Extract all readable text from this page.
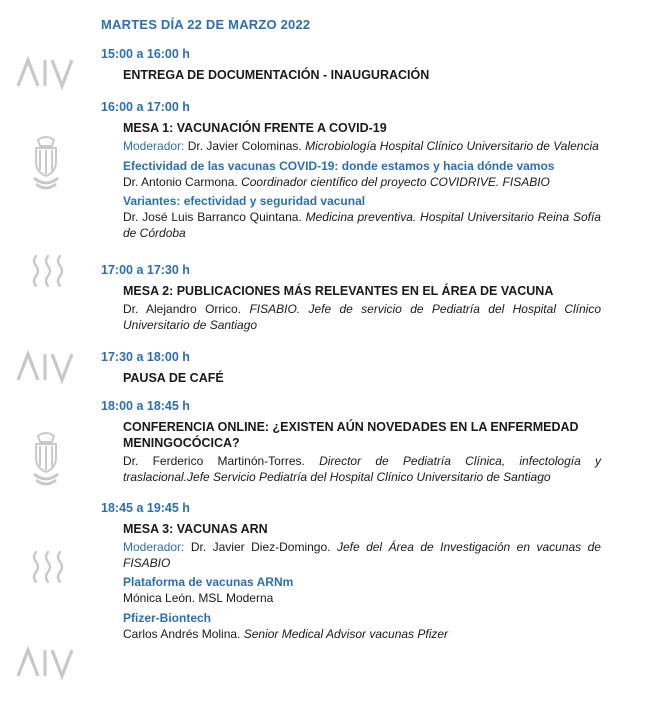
MARTES DÍA 22 DE MARZO 2022
15:00 a 16:00 h
ENTREGA DE DOCUMENTACIÓN - INAUGURACIÓN
16:00 a 17:00 h
MESA 1: VACUNACIÓN FRENTE A COVID-19
Moderador: Dr. Javier Colominas. Microbiología Hospital Clínico Universitario de Valencia
Efectividad de las vacunas COVID-19: donde estamos y hacia dónde vamos
Dr. Antonio Carmona. Coordinador científico del proyecto COVIDRIVE. FISABIO
Variantes: efectividad y seguridad vacunal
Dr. José Luis Barranco Quintana. Medicina preventiva. Hospital Universitario Reina Sofía de Córdoba
17:00 a 17:30 h
MESA 2: PUBLICACIONES MÁS RELEVANTES EN EL ÁREA DE VACUNA
Dr. Alejandro Orrico. FISABIO. Jefe de servicio de Pediatría del Hospital Clínico Universitario de Santiago
17:30 a 18:00 h
PAUSA DE CAFÉ
18:00 a 18:45 h
CONFERENCIA ONLINE: ¿EXISTEN AÚN NOVEDADES EN LA ENFERMEDAD MENINGOCÓCICA?
Dr. Ferderico Martinón-Torres. Director de Pediatría Clínica, infectología y traslacional.Jefe Servicio Pediatría del Hospital Clínico Universitario de Santiago
18:45 a 19:45 h
MESA 3: VACUNAS ARN
Moderador: Dr. Javier Diez-Domingo. Jefe del Área de Investigación en vacunas de FISABIO
Plataforma de vacunas ARNm
Mónica León. MSL Moderna
Pfizer-Biontech
Carlos Andrés Molina. Senior Medical Advisor vacunas Pfizer
